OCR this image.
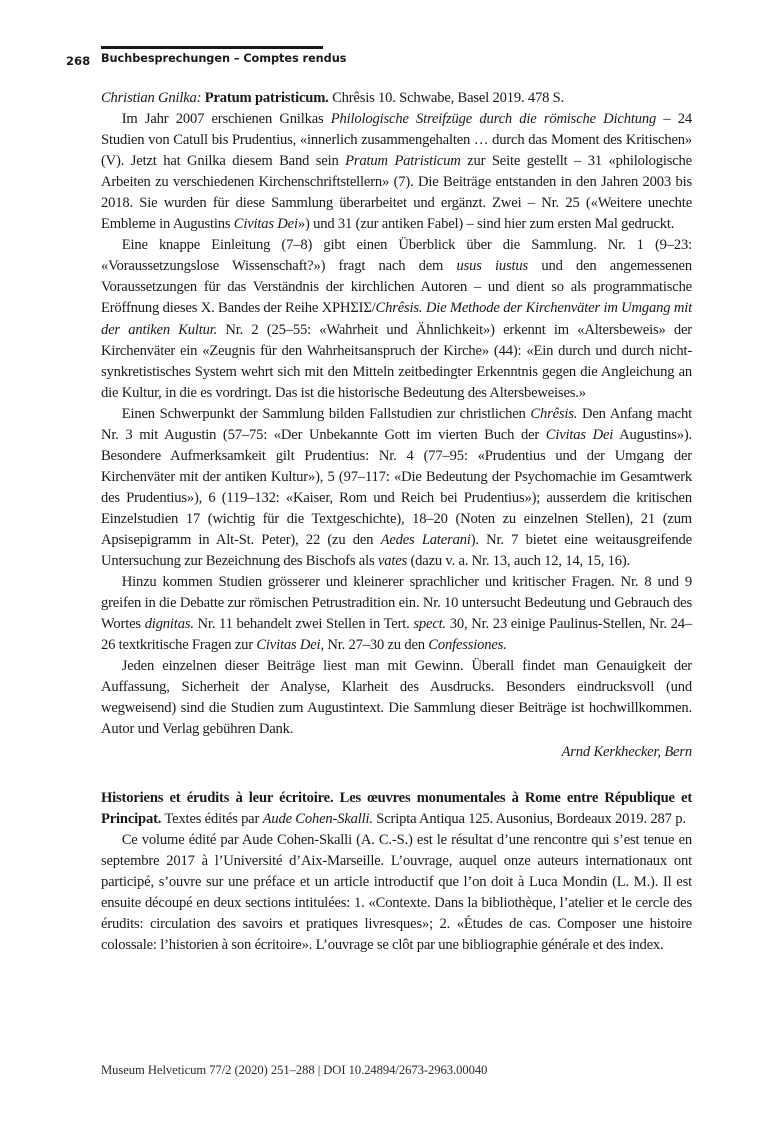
268 Buchbesprechungen – Comptes rendus

Christian Gnilka: Pratum patristicum. Chrêsis 10. Schwabe, Basel 2019. 478 S.

Im Jahr 2007 erschienen Gnilkas Philologische Streifzüge durch die römische Dichtung – 24 Studien von Catull bis Prudentius, «innerlich zusammengehalten … durch das Moment des Kritischen» (V). Jetzt hat Gnilka diesem Band sein Pratum Patristicum zur Seite gestellt – 31 «philologische Arbeiten zu verschiedenen Kirchenschriftstellern» (7). Die Beiträge entstanden in den Jahren 2003 bis 2018. Sie wurden für diese Sammlung überarbeitet und ergänzt. Zwei – Nr. 25 («Weitere unechte Embleme in Augustins Civitas Dei») und 31 (zur antiken Fabel) – sind hier zum ersten Mal gedruckt.

Eine knappe Einleitung (7–8) gibt einen Überblick über die Sammlung. Nr. 1 (9–23: «Voraussetzungslose Wissenschaft?») fragt nach dem usus iustus und den angemessenen Voraussetzungen für das Verständnis der kirchlichen Autoren – und dient so als programmatische Eröffnung dieses X. Bandes der Reihe ΧΡΗΣΙΣ/Chrêsis. Die Methode der Kirchenväter im Umgang mit der antiken Kultur. Nr. 2 (25–55: «Wahrheit und Ähnlichkeit») erkennt im «Altersbeweis» der Kirchenväter ein «Zeugnis für den Wahrheitsanspruch der Kirche» (44): «Ein durch und durch nicht-synkretistisches System wehrt sich mit den Mitteln zeitbedingter Erkenntnis gegen die Angleichung an die Kultur, in die es vordringt. Das ist die historische Bedeutung des Altersbeweises.»

Einen Schwerpunkt der Sammlung bilden Fallstudien zur christlichen Chrêsis. Den Anfang macht Nr. 3 mit Augustin (57–75: «Der Unbekannte Gott im vierten Buch der Civitas Dei Augustins»). Besondere Aufmerksamkeit gilt Prudentius: Nr. 4 (77–95: «Prudentius und der Umgang der Kirchenväter mit der antiken Kultur»), 5 (97–117: «Die Bedeutung der Psychomachie im Gesamtwerk des Prudentius»), 6 (119–132: «Kaiser, Rom und Reich bei Prudentius»); ausserdem die kritischen Einzelstudien 17 (wichtig für die Textgeschichte), 18–20 (Noten zu einzelnen Stellen), 21 (zum Apsisepigramm in Alt-St. Peter), 22 (zu den Aedes Laterani). Nr. 7 bietet eine weitausgreifende Untersuchung zur Bezeichnung des Bischofs als vates (dazu v. a. Nr. 13, auch 12, 14, 15, 16).

Hinzu kommen Studien grösserer und kleinerer sprachlicher und kritischer Fragen. Nr. 8 und 9 greifen in die Debatte zur römischen Petrustradition ein. Nr. 10 untersucht Bedeutung und Gebrauch des Wortes dignitas. Nr. 11 behandelt zwei Stellen in Tert. spect. 30, Nr. 23 einige Paulinus-Stellen, Nr. 24–26 textkritische Fragen zur Civitas Dei, Nr. 27–30 zu den Confessiones.

Jeden einzelnen dieser Beiträge liest man mit Gewinn. Überall findet man Genauigkeit der Auffassung, Sicherheit der Analyse, Klarheit des Ausdrucks. Besonders eindrucksvoll (und wegweisend) sind die Studien zum Augustintext. Die Sammlung dieser Beiträge ist hochwillkommen. Autor und Verlag gebühren Dank.

Arnd Kerkhecker, Bern

Historiens et érudits à leur écritoire. Les œuvres monumentales à Rome entre République et Principat. Textes édités par Aude Cohen-Skalli. Scripta Antiqua 125. Ausonius, Bordeaux 2019. 287 p.

Ce volume édité par Aude Cohen-Skalli (A. C.-S.) est le résultat d’une rencontre qui s’est tenue en septembre 2017 à l’Université d’Aix-Marseille. L’ouvrage, auquel onze auteurs internationaux ont participé, s’ouvre sur une préface et un article introductif que l’on doit à Luca Mondin (L. M.). Il est ensuite découpé en deux sections intitulées: 1. «Contexte. Dans la bibliothèque, l’atelier et le cercle des érudits: circulation des savoirs et pratiques livresques»; 2. «Études de cas. Composer une histoire colossale: l’historien à son écritoire». L’ouvrage se clôt par une bibliographie générale et des index.

Museum Helveticum 77/2 (2020) 251–288 | DOI 10.24894/2673-2963.00040
